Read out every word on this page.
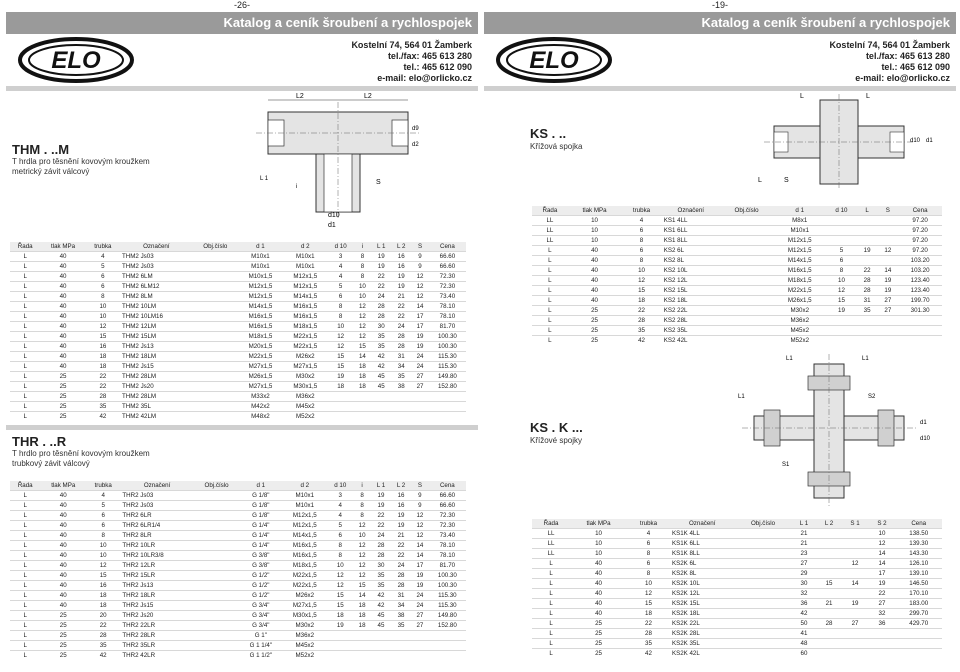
-26-
Katalog a ceník šroubení a rychlospojek
ELO
Kostelní 74, 564 01 Žamberk
tel./fax: 465 613 280
tel.: 465 612 090
e-mail: elo@orlicko.cz
THM . ..M
T hrdla pro těsnění kovovým kroužkem
metrický závit válcový
L2	L2
L 1
d9
d2
S
d10
d1
i
Řada	tlak MPa	trubka	Označení	Obj.číslo	d 1	d 2	d 10	i	L 1	L 2	S	Cena
L	40	4	THM2 Js03		M10x1	M10x1	3	8	19	16	9	66.60
L	40	5	THM2 Js03		M10x1	M10x1	4	8	19	16	9	66.60
L	40	6	THM2 6LM		M10x1,5	M12x1,5	4	8	22	19	12	72.30
L	40	6	THM2 6LM12		M12x1,5	M12x1,5	5	10	22	19	12	72.30
L	40	8	THM2 8LM		M12x1,5	M14x1,5	6	10	24	21	12	73.40
L	40	10	THM2 10LM		M14x1,5	M16x1,5	8	12	28	22	14	78.10
L	40	10	THM2 10LM16		M16x1,5	M16x1,5	8	12	28	22	17	78.10
L	40	12	THM2 12LM		M16x1,5	M18x1,5	10	12	30	24	17	81.70
L	40	15	THM2 15LM		M18x1,5	M22x1,5	12	12	35	28	19	100.30
L	40	16	THM2 Js13		M20x1,5	M22x1,5	12	15	35	28	19	100.30
L	40	18	THM2 18LM		M22x1,5	M26x2	15	14	42	31	24	115.30
L	40	18	THM2 Js15		M27x1,5	M27x1,5	15	18	42	34	24	115.30
L	25	22	THM2 28LM		M26x1,5	M30x2	19	18	45	35	27	149.80
L	25	22	THM2 Js20		M27x1,5	M30x1,5	18	18	45	38	27	152.80
L	25	28	THM2 28LM		M33x2	M36x2						
L	25	35	THM2 35L		M42x2	M45x2						
L	25	42	THM2 42LM		M48x2	M52x2						
THR . ..R
T hrdlo pro těsnění kovovým kroužkem
trubkový závit válcový
Řada	tlak MPa	trubka	Označení	Obj.číslo	d 1	d 2	d 10	i	L 1	L 2	S	Cena
L	40	4	THR2 Js03		G 1/8"	M10x1	3	8	19	16	9	66.60
L	40	5	THR2 Js03		G 1/8"	M10x1	4	8	19	16	9	66.60
L	40	6	THR2 6LR		G 1/8"	M12x1,5	4	8	22	19	12	72.30
L	40	6	THR2 6LR1/4		G 1/4"	M12x1,5	5	12	22	19	12	72.30
L	40	8	THR2 8LR		G 1/4"	M14x1,5	6	10	24	21	12	73.40
L	40	10	THR2 10LR		G 1/4"	M16x1,5	8	12	28	22	14	78.10
L	40	10	THR2 10LR3/8		G 3/8"	M16x1,5	8	12	28	22	14	78.10
L	40	12	THR2 12LR		G 3/8"	M18x1,5	10	12	30	24	17	81.70
L	40	15	THR2 15LR		G 1/2"	M22x1,5	12	12	35	28	19	100.30
L	40	16	THR2 Js13		G 1/2"	M22x1,5	12	15	35	28	19	100.30
L	40	18	THR2 18LR		G 1/2"	M26x2	15	14	42	31	24	115.30
L	40	18	THR2 Js15		G 3/4"	M27x1,5	15	18	42	34	24	115.30
L	25	20	THR2 Js20		G 3/4"	M30x1,5	18	18	45	38	27	149.80
L	25	22	THR2 22LR		G 3/4"	M30x2	19	18	45	35	27	152.80
L	25	28	THR2 28LR		G 1"	M36x2						
L	25	35	THR2 35LR		G 1 1/4"	M45x2						
L	25	42	THR2 42LR		G 1 1/2"	M52x2						
-19-
Katalog a ceník šroubení a rychlospojek
ELO
Kostelní 74, 564 01 Žamberk
tel./fax: 465 613 280
tel.: 465 612 090
e-mail: elo@orlicko.cz
KS . ..
Křížová spojka
L	L
L	S
d10 d1
Řada	tlak MPa	trubka	Označení	Obj.číslo	d 1	d 10	L	S	Cena
LL	10	4	KS1 4LL		M8x1				97.20
LL	10	6	KS1 6LL		M10x1				97.20
LL	10	8	KS1 8LL		M12x1,5				97.20
L	40	6	KS2 6L		M12x1,5	5	19	12	97.20
L	40	8	KS2 8L		M14x1,5	6			103.20
L	40	10	KS2 10L		M16x1,5	8	22	14	103.20
L	40	12	KS2 12L		M18x1,5	10	28	19	123.40
L	40	15	KS2 15L		M22x1,5	12	28	19	123.40
L	40	18	KS2 18L		M26x1,5	15	31	27	199.70
L	25	22	KS2 22L		M30x2	19	35	27	301.30
L	25	28	KS2 28L		M36x2				
L	25	35	KS2 35L		M45x2				
L	25	42	KS2 42L		M52x2				
KS . K ...
Křížové spojky
L1	L1
L1	S2
S1
d1
d10
Řada	tlak MPa	trubka	Označení	Obj.číslo	L 1	L 2	S 1	S 2	Cena
LL	10	4	KS1K 4LL		21			10	138.50
LL	10	6	KS1K 6LL		21			12	139.30
LL	10	8	KS1K 8LL		23			14	143.30
L	40	6	KS2K 6L		27		12	14	126.10
L	40	8	KS2K 8L		29			17	139.10
L	40	10	KS2K 10L		30	15	14	19	146.50
L	40	12	KS2K 12L		32			22	170.10
L	40	15	KS2K 15L		36	21	19	27	183.00
L	40	18	KS2K 18L		42			32	299.70
L	25	22	KS2K 22L		50	28	27	36	429.70
L	25	28	KS2K 28L		41				
L	25	35	KS2K 35L		48				
L	25	42	KS2K 42L		60				
